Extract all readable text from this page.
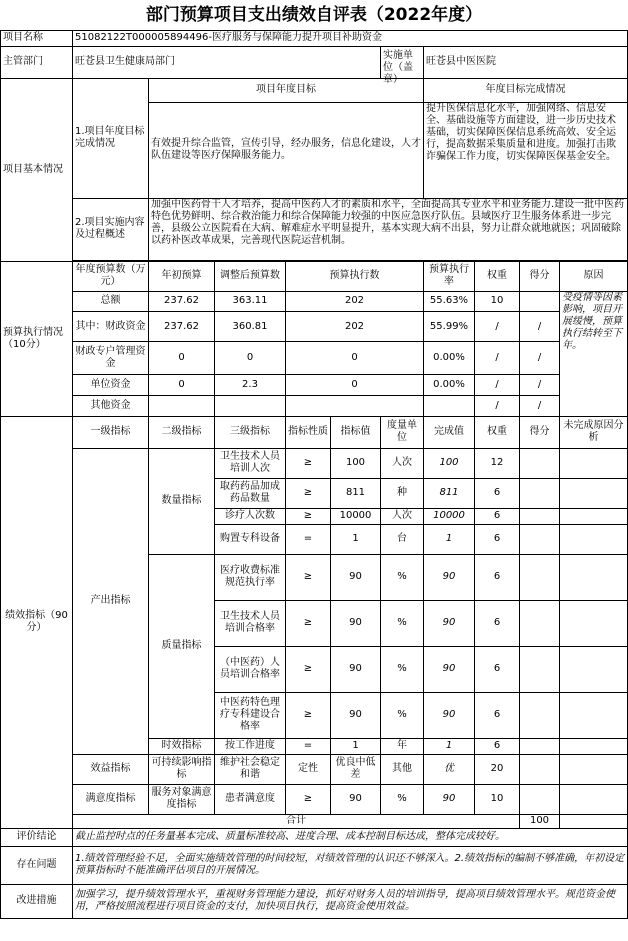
部门预算项目支出绩效自评表（2022年度）										
项目名称	51082122T000005894496-医疗服务与保障能力提升项目补助资金									
主管部门	旺苍县卫生健康局部门					实施单位（盖章）	旺苍县中医医院			
项目基本情况	1.项目年度目标完成情况	项目年度目标					年度目标完成情况			

		有效提升综合监管，宣传引导，经办服务，信息化建设，人才队伍建设等医疗保障服务能力。					提升医保信息化水平，加强网络、信息安全、基础设施等方面建设，进一步历史技术基础，切实保障医保信息系统高效、安全运行，提高数据采集质量和进度。加强打击欺诈骗保工作力度，切实保障医保基金安全。			

	2.项目实施内容及过程概述	加强中医药骨干人才培养，提高中医药人才的素质和水平，全面提高其专业水平和业务能力.建设一批中医药特色优势鲜明、综合救治能力和综合保障能力较强的中医应急医疗队伍。县域医疗卫生服务体系进一步完善，县级公立医院看在大病、解难症水平明显提升，基本实现大病不出县，努力让群众就地就医；巩固破除以药补医改革成果，完善现代医院运营机制。								

预算执行情况（10分）	年度预算数（万元）	年初预算	调整后预算数	预算执行数			预算执行率	权重	得分	原因
	总额	237.62	363.11	202			55.63%	10		受疫情等因素影响，项目开展缓慢，预算执行结转至下年。

	其中：财政资金	237.62	360.81	202			55.99%	/	/	
	财政专户管理资金	0	0	0			0.00%	/	/	
	单位资金	0	2.3	0			0.00%	/	/	
	其他资金							/	/	
绩效指标（90分）	一级指标	二级指标	三级指标	指标性质	指标值	度量单位	完成值	权重	得分	未完成原因分析
	产出指标	数量指标	卫生技术人员培训人次	≥	100	人次	100	12		
			取药药品加成药品数量	≥	811	种	811	6		
			诊疗人次数	≥	10000	人次	10000	6		
			购置专科设备	=	1	台	1	6		
		质量指标	医疗收费标准规范执行率	≥	90	%	90	6		
			卫生技术人员培训合格率	≥	90	%	90	6		
			（中医药）人员培训合格率	≥	90	%	90	6		
			中医药特色理疗专科建设合格率	≥	90	%	90	6		
		时效指标	按工作进度	=	1	年	1	6		
	效益指标	可持续影响指标	维护社会稳定和谐	定性	优良中低差	其他	优	20		
	满意度指标	服务对象满意度指标	患者满意度	≥	90	%	90	10		
	合计								100	
评价结论	截止监控时点的任务量基本完成、质量标准较高、进度合理、成本控制目标达成，整体完成较好。									
存在问题	1.绩效管理经验不足，全面实施绩效管理的时间较短，对绩效管理的认识还不够深入。2.绩效指标的编制不够准确，年初设定预算指标时不能准确评估项目的开展情况。									
改进措施	加强学习，提升绩效管理水平，重视财务管理能力建设，抓好对财务人员的培训指导，提高项目绩效管理水平。规范资金使用，严格按照流程进行项目资金的支付，加快项目执行，提高资金使用效益。									
